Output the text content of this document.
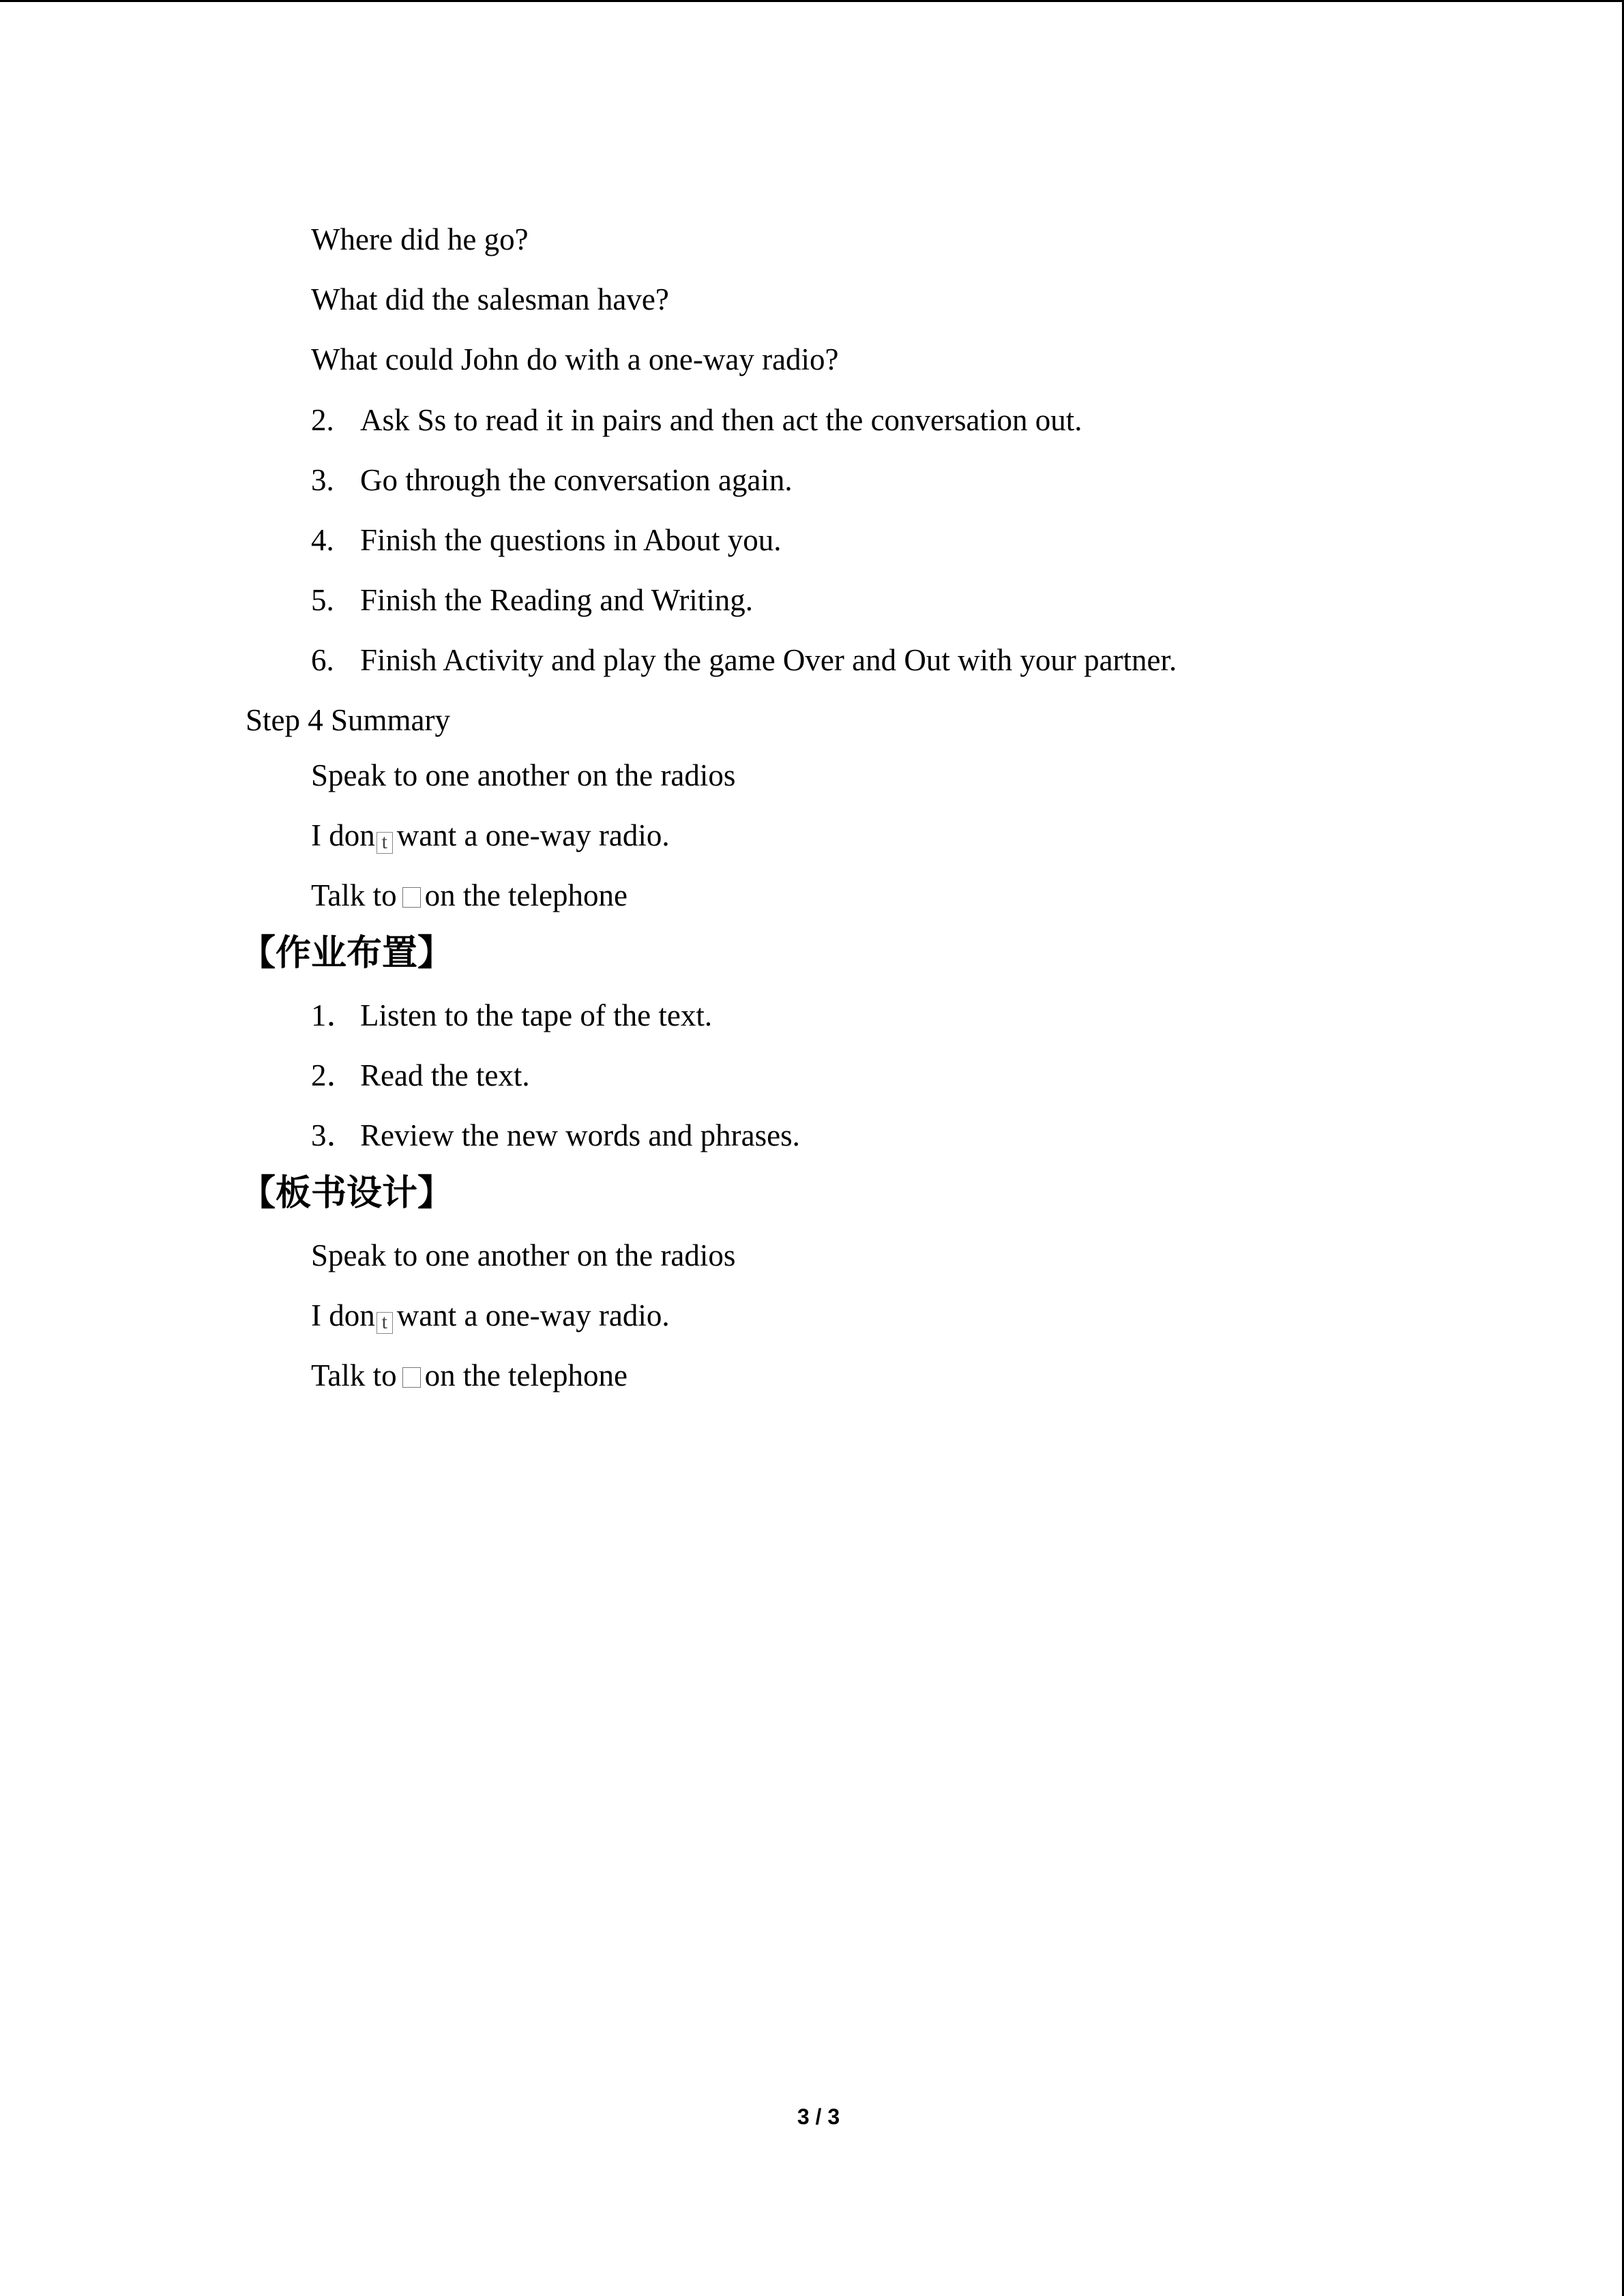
Where did he go?
What did the salesman have?
What could John do with a one-way radio?
2. Ask Ss to read it in pairs and then act the conversation out.
3. Go through the conversation again.
4. Finish the questions in About you.
5. Finish the Reading and Writing.
6. Finish Activity and play the game Over and Out with your partner.
Step 4 Summary
Speak to one another on the radios
I don t want a one-way radio.
Talk to on the telephone
【作业布置】
1．Listen to the tape of the text.
2．Read the text.
3．Review the new words and phrases.
【板书设计】
Speak to one another on the radios
I don t want a one-way radio.
Talk to on the telephone
3 / 3
